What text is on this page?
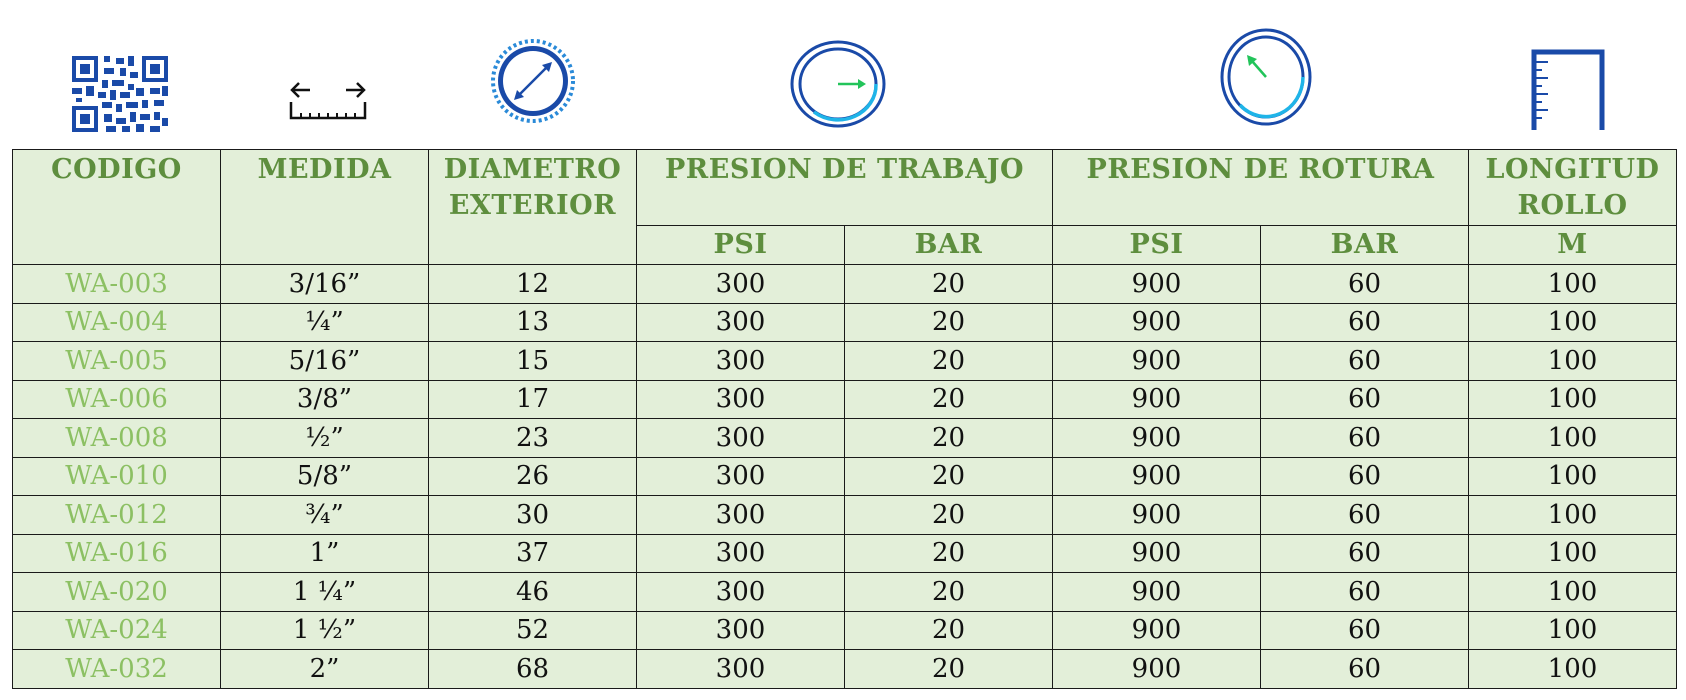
CODIGO	MEDIDA	DIAMETRO EXTERIOR	PRESION DE TRABAJO		PRESION DE ROTURA		LONGITUD ROLLO
			PSI	BAR	PSI	BAR	M
WA-003	3/16”	12	300	20	900	60	100
WA-004	¼”	13	300	20	900	60	100
WA-005	5/16”	15	300	20	900	60	100
WA-006	3/8”	17	300	20	900	60	100
WA-008	½”	23	300	20	900	60	100
WA-010	5/8”	26	300	20	900	60	100
WA-012	¾”	30	300	20	900	60	100
WA-016	1”	37	300	20	900	60	100
WA-020	1 ¼”	46	300	20	900	60	100
WA-024	1 ½”	52	300	20	900	60	100
WA-032	2”	68	300	20	900	60	100
